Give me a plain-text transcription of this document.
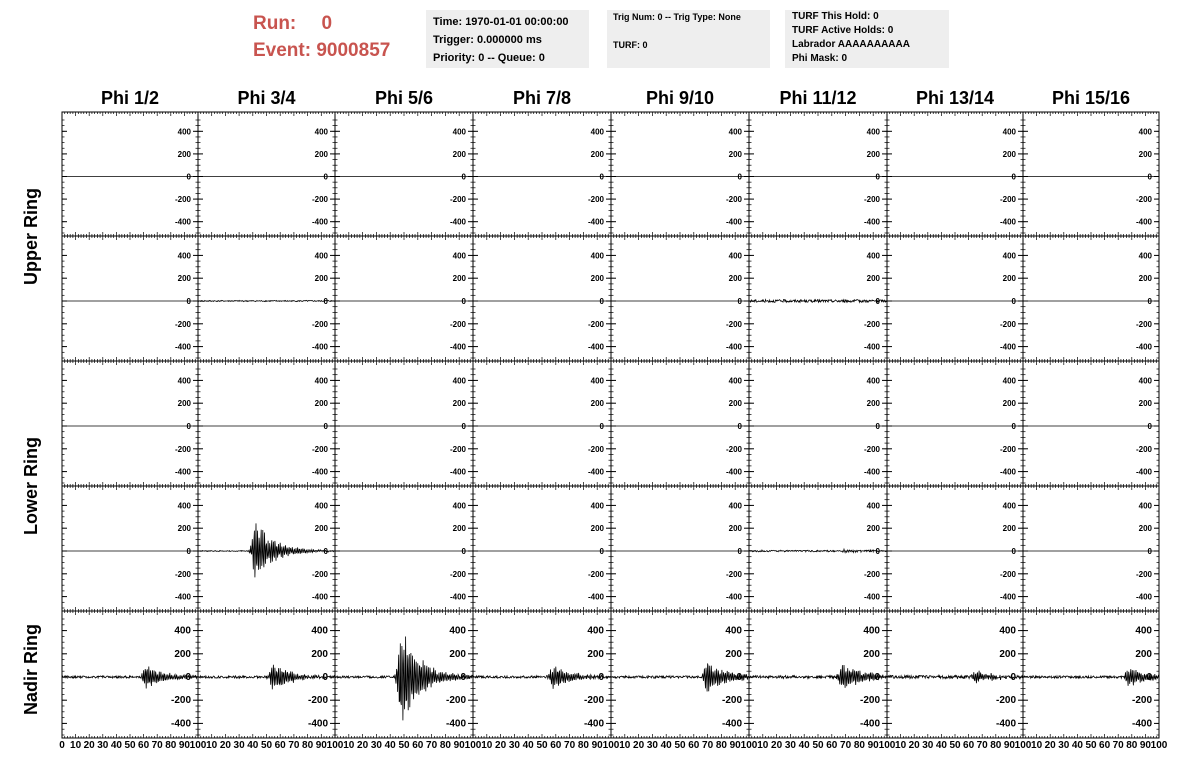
Run: 0
Event: 9000857
Time: 1970-01-01 00:00:00
Trigger: 0.000000 ms
Priority: 0 -- Queue: 0
Trig Num: 0 -- Trig Type: None
TURF: 0
TURF This Hold: 0
TURF Active Holds: 0
Labrador AAAAAAAAAA
Phi Mask: 0
Phi 1/2	Phi 3/4	Phi 5/6	Phi 7/8	Phi 9/10	Phi 11/12	Phi 13/14	Phi 15/16
Upper Ring
Lower Ring
Nadir Ring
400
200
0
-200
-400
400
200
0
-200
-400
400
200
0
-200
-400
400
200
0
-200
-400
400
200
0
-200
-400
400
200
0
-200
-400
400
200
0
-200
-400
400
200
0
-200
-400
400
200
0
-200
-400
400
200
0
-200
-400
400
200
0
-200
-400
400
200
0
-200
-400
400
200
0
-200
-400
400
200
0
-200
-400
400
200
0
-200
-400
400
200
0
-200
-400
400
200
0
-200
-400
400
200
0
-200
-400
400
200
0
-200
-400
400
200
0
-200
-400
400
200
0
-200
-400
400
200
0
-200
-400
400
200
0
-200
-400
400
200
0
-200
-400
400
200
0
-200
-400
400
200
0
-200
-400
400
200
0
-200
-400
400
200
0
-200
-400
400
200
0
-200
-400
400
200
0
-200
-400
400
200
0
-200
-400
400
200
0
-200
-400
400
200
0
-200
-400
400
200
0
-200
-400
400
200
0
-200
-400
400
200
0
-200
-400
400
200
0
-200
-400
400
200
0
-200
-400
400
200
0
-200
-400
400
200
0
-200
-400
0 10 20 30 40 50 60 70 80 90 100 10 20 30 40 50 60 70 80 90 100 10 20 30 40 50 60 70 80 90 100 10 20 30 40 50 60 70 80 90 100 10 20 30 40 50 60 70 80 90 100 10 20 30 40 50 60 70 80 90 100 10 20 30 40 50 60 70 80 90 100 10 20 30 40 50 60 70 80 90 100
